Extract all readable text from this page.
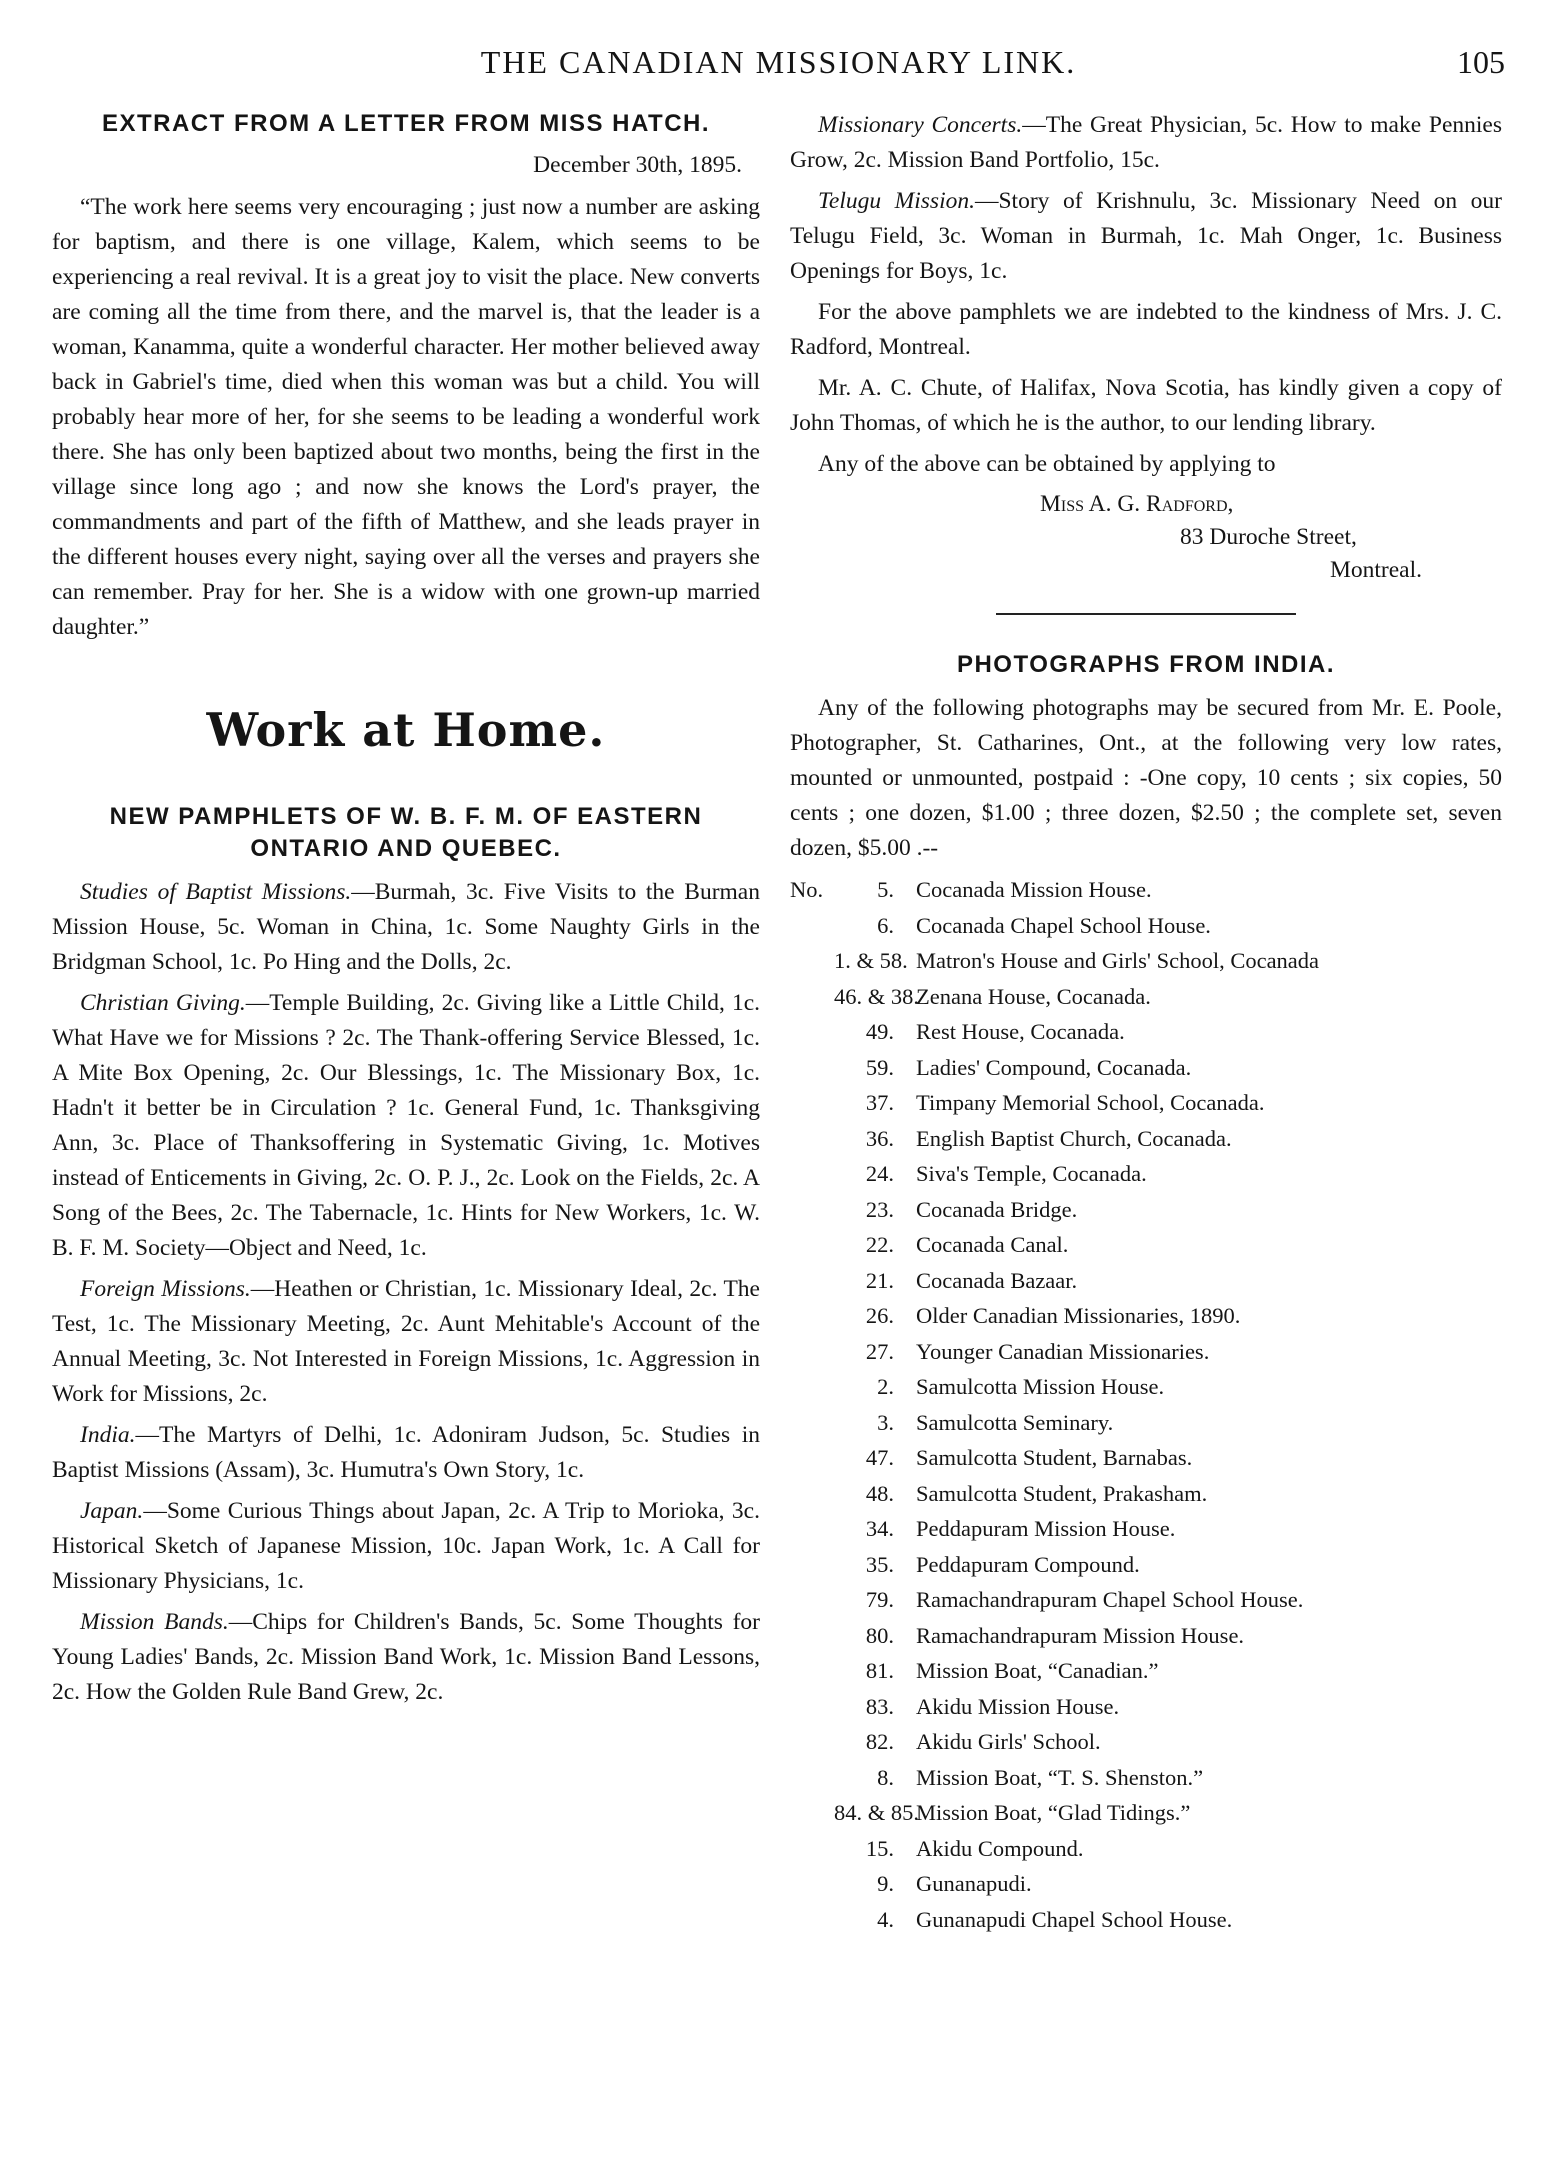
THE CANADIAN MISSIONARY LINK.	105
EXTRACT FROM A LETTER FROM MISS HATCH.
December 30th, 1895.

“The work here seems very encouraging ; just now a number are asking for baptism, and there is one village, Kalem, which seems to be experiencing a real revival. It is a great joy to visit the place. New converts are coming all the time from there, and the marvel is, that the leader is a woman, Kanamma, quite a wonderful character. Her mother believed away back in Gabriel's time, died when this woman was but a child. You will probably hear more of her, for she seems to be leading a wonderful work there. She has only been baptized about two months, being the first in the village since long ago ; and now she knows the Lord's prayer, the commandments and part of the fifth of Matthew, and she leads prayer in the different houses every night, saying over all the verses and prayers she can remember. Pray for her. She is a widow with one grown-up married daughter.”

Work at Home.
NEW PAMPHLETS OF W. B. F. M. OF EASTERN ONTARIO AND QUEBEC.

Studies of Baptist Missions.—Burmah, 3c. Five Visits to the Burman Mission House, 5c. Woman in China, 1c. Some Naughty Girls in the Bridgman School, 1c. Po Hing and the Dolls, 2c.

Christian Giving.—Temple Building, 2c. Giving like a Little Child, 1c. What Have we for Missions ? 2c. The Thank-offering Service Blessed, 1c. A Mite Box Opening, 2c. Our Blessings, 1c. The Missionary Box, 1c. Hadn't it better be in Circulation ? 1c. General Fund, 1c. Thanksgiving Ann, 3c. Place of Thanksoffering in Systematic Giving, 1c. Motives instead of Enticements in Giving, 2c. O. P. J., 2c. Look on the Fields, 2c. A Song of the Bees, 2c. The Tabernacle, 1c. Hints for New Workers, 1c. W. B. F. M. Society—Object and Need, 1c.

Foreign Missions.—Heathen or Christian, 1c. Missionary Ideal, 2c. The Test, 1c. The Missionary Meeting, 2c. Aunt Mehitable's Account of the Annual Meeting, 3c. Not Interested in Foreign Missions, 1c. Aggression in Work for Missions, 2c.

India.—The Martyrs of Delhi, 1c. Adoniram Judson, 5c. Studies in Baptist Missions (Assam), 3c. Humutra's Own Story, 1c.

Japan.—Some Curious Things about Japan, 2c. A Trip to Morioka, 3c. Historical Sketch of Japanese Mission, 10c. Japan Work, 1c. A Call for Missionary Physicians, 1c.

Mission Bands.—Chips for Children's Bands, 5c. Some Thoughts for Young Ladies' Bands, 2c. Mission Band Work, 1c. Mission Band Lessons, 2c. How the Golden Rule Band Grew, 2c.

Missionary Concerts.—The Great Physician, 5c. How to make Pennies Grow, 2c. Mission Band Portfolio, 15c.

Telugu Mission.—Story of Krishnulu, 3c. Missionary Need on our Telugu Field, 3c. Woman in Burmah, 1c. Mah Onger, 1c. Business Openings for Boys, 1c.

For the above pamphlets we are indebted to the kindness of Mrs. J. C. Radford, Montreal.

Mr. A. C. Chute, of Halifax, Nova Scotia, has kindly given a copy of John Thomas, of which he is the author, to our lending library.

Any of the above can be obtained by applying to

Miss A. G. Radford,
83 Duroche Street,
Montreal.
PHOTOGRAPHS FROM INDIA.

Any of the following photographs may be secured from Mr. E. Poole, Photographer, St. Catharines, Ont., at the following very low rates, mounted or unmounted, postpaid : -One copy, 10 cents ; six copies, 50 cents ; one dozen, $1.00 ; three dozen, $2.50 ; the complete set, seven dozen, $5.00 .--

No. 5. Cocanada Mission House.
6. Cocanada Chapel School House.
1. & 58. Matron's House and Girls' School, Cocanada
46. & 38.Zenana House, Cocanada.
49. Rest House, Cocanada.
59. Ladies' Compound, Cocanada.
37. Timpany Memorial School, Cocanada.
36. English Baptist Church, Cocanada.
24. Siva's Temple, Cocanada.
23. Cocanada Bridge.
22. Cocanada Canal.
21. Cocanada Bazaar.
26. Older Canadian Missionaries, 1890.
27. Younger Canadian Missionaries.
2. Samulcotta Mission House.
3. Samulcotta Seminary.
47. Samulcotta Student, Barnabas.
48. Samulcotta Student, Prakasham.
34. Peddapuram Mission House.
35. Peddapuram Compound.
79. Ramachandrapuram Chapel School House.
80. Ramachandrapuram Mission House.
81. Mission Boat, “Canadian.”
83. Akidu Mission House.
82. Akidu Girls' School.
8. Mission Boat, “T. S. Shenston.”
84. & 85.Mission Boat, “Glad Tidings.”
15. Akidu Compound.
9. Gunanapudi.
4. Gunanapudi Chapel School House.
